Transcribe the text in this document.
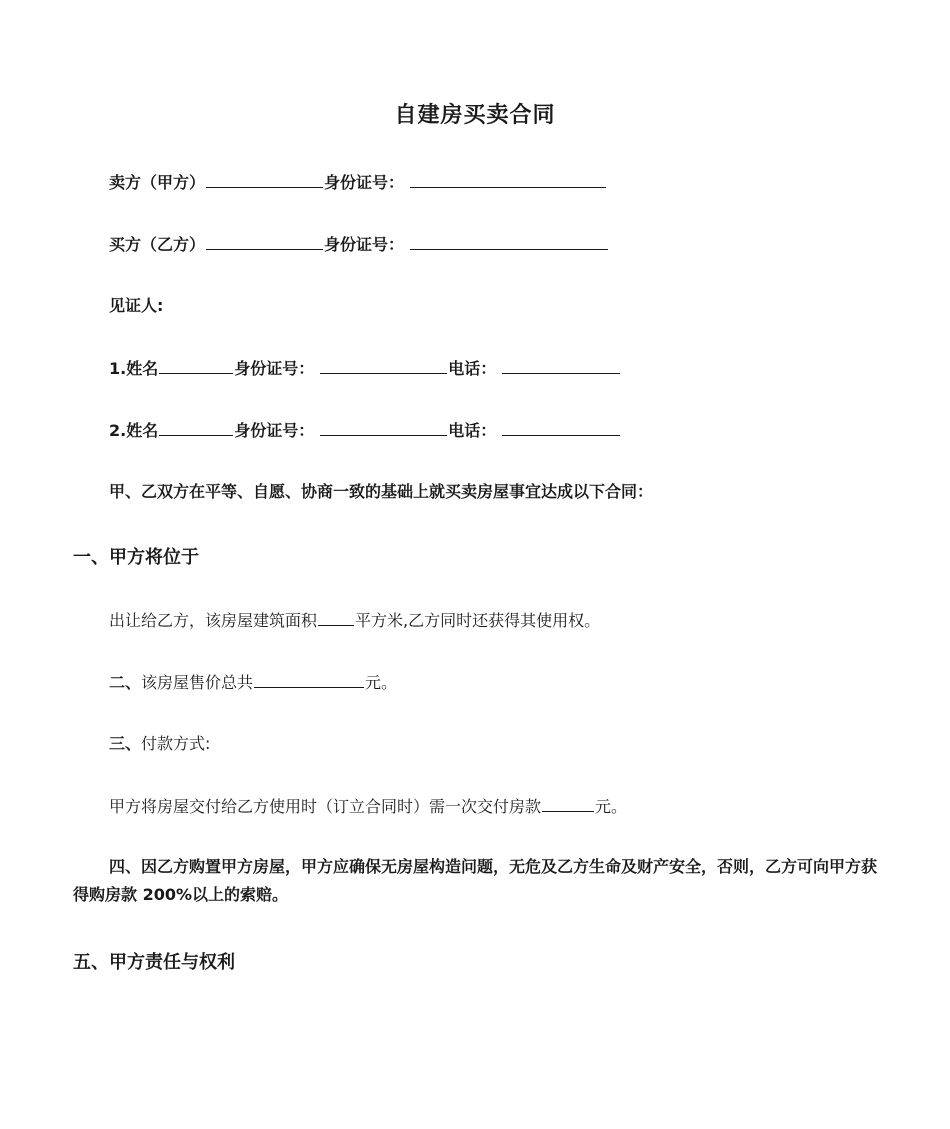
自建房买卖合同
卖方（甲方）	身份证号：
买方（乙方）	身份证号：
见证人:
1.姓名	身份证号：	电话：
2.姓名	身份证号：	电话：
甲、乙双方在平等、自愿、协商一致的基础上就买卖房屋事宜达成以下合同：
一、甲方将位于
出让给乙方，该房屋建筑面积 平方米,乙方同时还获得其使用权。
二、该房屋售价总共	元。
三、付款方式:
甲方将房屋交付给乙方使用时（订立合同时）需一次交付房款	元。
四、因乙方购置甲方房屋，甲方应确保无房屋构造问题，无危及乙方生命及财产安全，否则，乙方可向甲方获得购房款 200%以上的索赔。
五、甲方责任与权利
